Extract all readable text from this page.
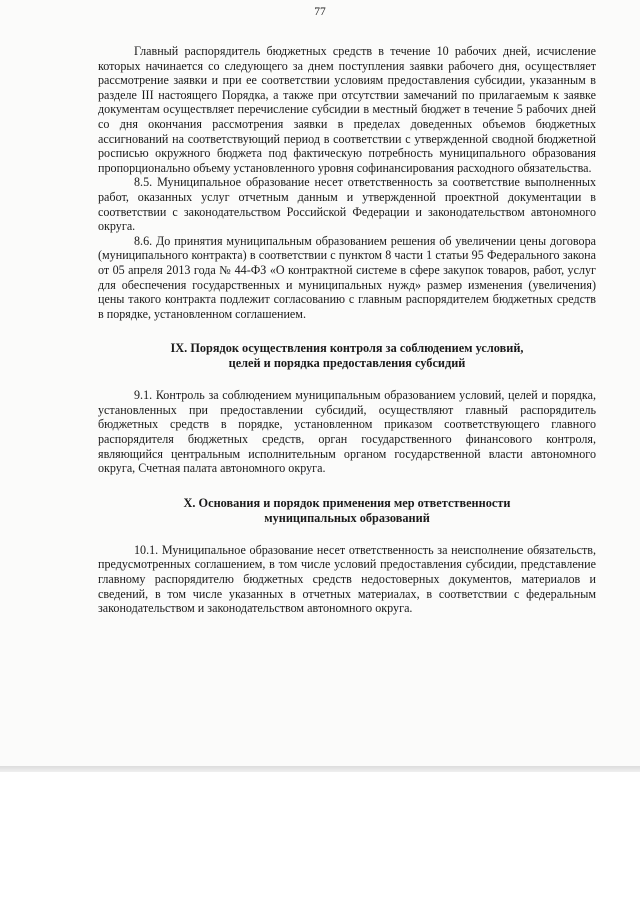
77

Главный распорядитель бюджетных средств в течение 10 рабочих дней, исчисление которых начинается со следующего за днем поступления заявки рабочего дня, осуществляет рассмотрение заявки и при ее соответствии условиям предоставления субсидии, указанным в разделе III настоящего Порядка, а также при отсутствии замечаний по прилагаемым к заявке документам осуществляет перечисление субсидии в местный бюджет в течение 5 рабочих дней со дня окончания рассмотрения заявки в пределах доведенных объемов бюджетных ассигнований на соответствующий период в соответствии с утвержденной сводной бюджетной росписью окружного бюджета под фактическую потребность муниципального образования пропорционально объему установленного уровня софинансирования расходного обязательства.

8.5. Муниципальное образование несет ответственность за соответствие выполненных работ, оказанных услуг отчетным данным и утвержденной проектной документации в соответствии с законодательством Российской Федерации и законодательством автономного округа.

8.6. До принятия муниципальным образованием решения об увеличении цены договора (муниципального контракта) в соответствии с пунктом 8 части 1 статьи 95 Федерального закона от 05 апреля 2013 года № 44-ФЗ «О контрактной системе в сфере закупок товаров, работ, услуг для обеспечения государственных и муниципальных нужд» размер изменения (увеличения) цены такого контракта подлежит согласованию с главным распорядителем бюджетных средств в порядке, установленном соглашением.

IX. Порядок осуществления контроля за соблюдением условий,
целей и порядка предоставления субсидий

9.1. Контроль за соблюдением муниципальным образованием условий, целей и порядка, установленных при предоставлении субсидий, осуществляют главный распорядитель бюджетных средств в порядке, установленном приказом соответствующего главного распорядителя бюджетных средств, орган государственного финансового контроля, являющийся центральным исполнительным органом государственной власти автономного округа, Счетная палата автономного округа.

X. Основания и порядок применения мер ответственности
муниципальных образований

10.1. Муниципальное образование несет ответственность за неисполнение обязательств, предусмотренных соглашением, в том числе условий предоставления субсидии, представление главному распорядителю бюджетных средств недостоверных документов, материалов и сведений, в том числе указанных в отчетных материалах, в соответствии с федеральным законодательством и законодательством автономного округа.
